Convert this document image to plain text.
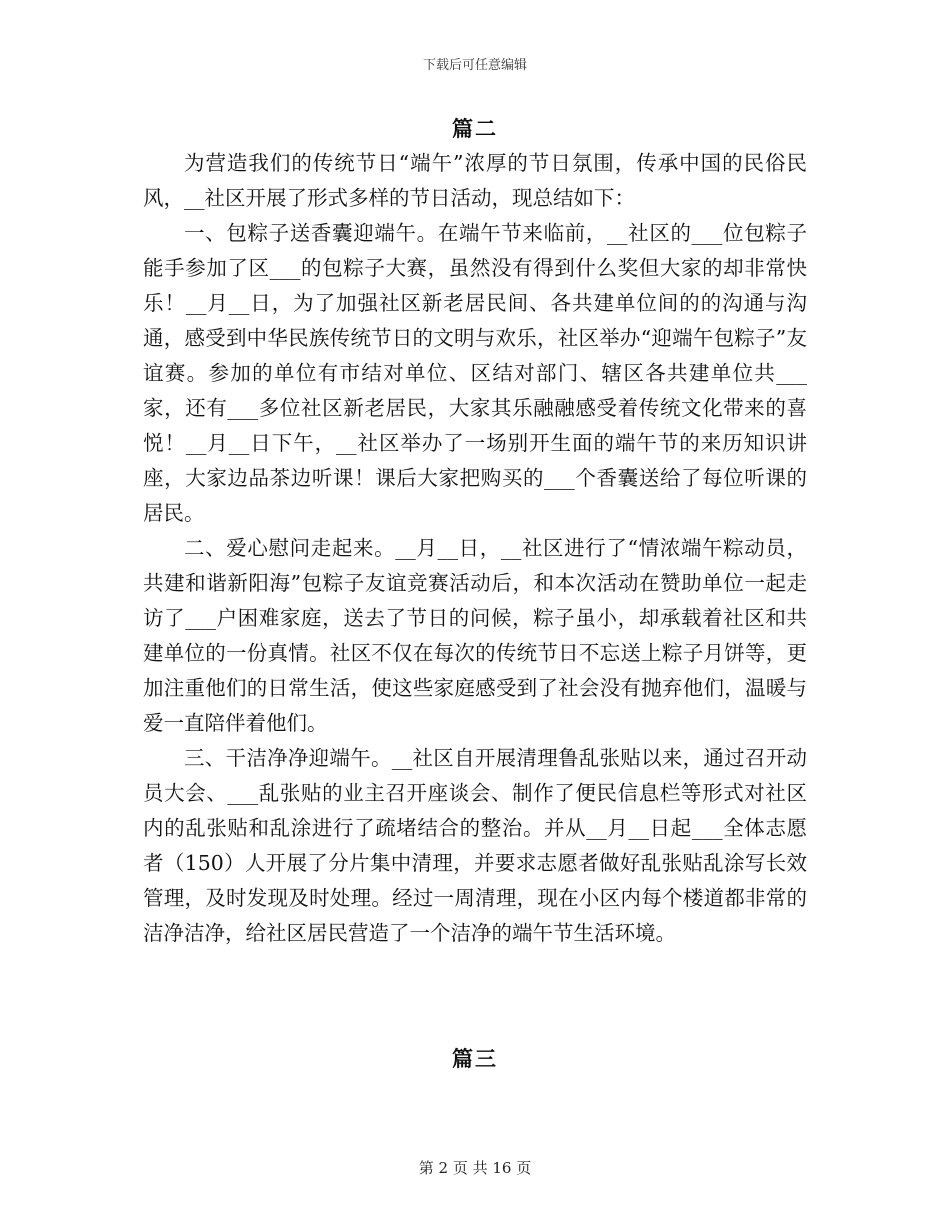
下载后可任意编辑
篇二

为营造我们的传统节日“端午”浓厚的节日氛围，传承中国的民俗民风，__社区开展了形式多样的节日活动，现总结如下：

一、包粽子送香囊迎端午。在端午节来临前，__社区的___位包粽子能手参加了区___的包粽子大赛，虽然没有得到什么奖但大家的却非常快乐！__月__日，为了加强社区新老居民间、各共建单位间的的沟通与沟通，感受到中华民族传统节日的文明与欢乐，社区举办“迎端午包粽子”友谊赛。参加的单位有市结对单位、区结对部门、辖区各共建单位共___家，还有___多位社区新老居民，大家其乐融融感受着传统文化带来的喜悦！__月__日下午，__社区举办了一场别开生面的端午节的来历知识讲座，大家边品茶边听课！课后大家把购买的___个香囊送给了每位听课的居民。

二、爱心慰问走起来。__月__日，__社区进行了“情浓端午粽动员，共建和谐新阳海”包粽子友谊竞赛活动后，和本次活动在赞助单位一起走访了___户困难家庭，送去了节日的问候，粽子虽小，却承载着社区和共建单位的一份真情。社区不仅在每次的传统节日不忘送上粽子月饼等，更加注重他们的日常生活，使这些家庭感受到了社会没有抛弃他们，温暖与爱一直陪伴着他们。

三、干洁净净迎端午。__社区自开展清理鲁乱张贴以来，通过召开动员大会、___乱张贴的业主召开座谈会、制作了便民信息栏等形式对社区内的乱张贴和乱涂进行了疏堵结合的整治。并从__月__日起___全体志愿者（150）人开展了分片集中清理，并要求志愿者做好乱张贴乱涂写长效管理，及时发现及时处理。经过一周清理，现在小区内每个楼道都非常的洁净洁净，给社区居民营造了一个洁净的端午节生活环境。

篇三
第 2 页 共 16 页
